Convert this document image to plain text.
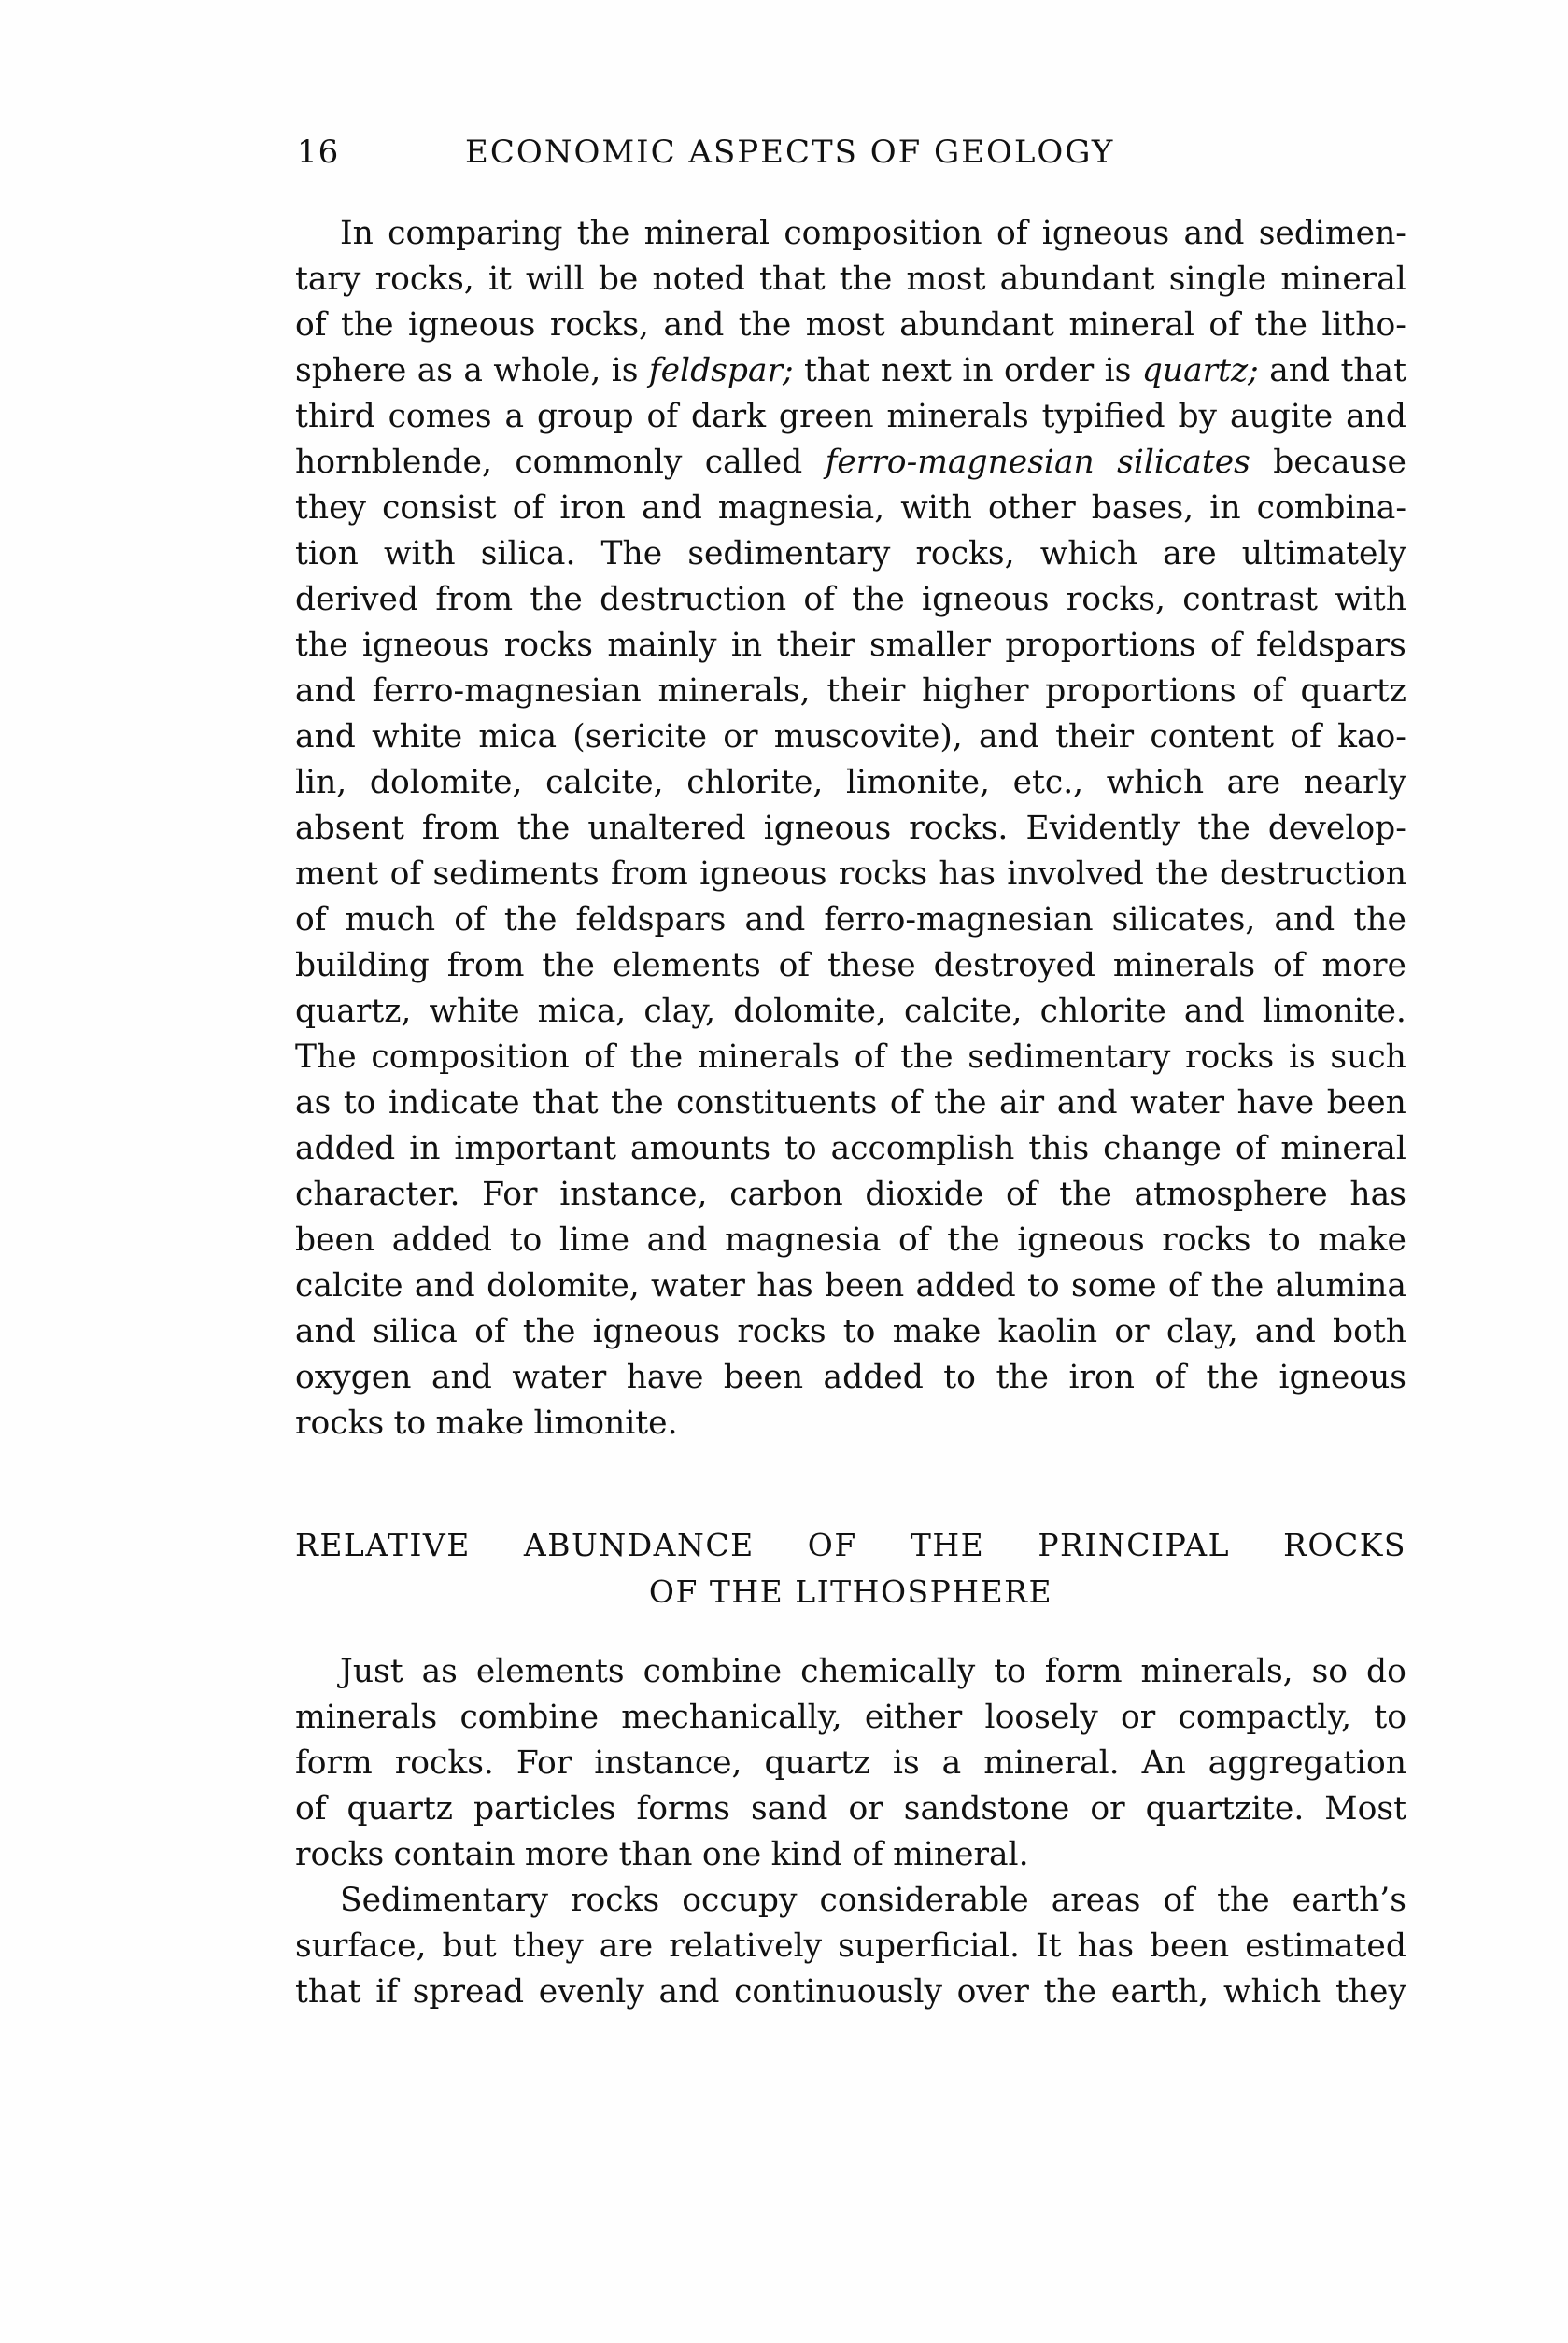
16	ECONOMIC ASPECTS OF GEOLOGY
In comparing the mineral composition of igneous and sedimen-
tary rocks, it will be noted that the most abundant single mineral
of the igneous rocks, and the most abundant mineral of the litho-
sphere as a whole, is feldspar; that next in order is quartz; and that
third comes a group of dark green minerals typified by augite and
hornblende, commonly called ferro-magnesian silicates because
they consist of iron and magnesia, with other bases, in combina-
tion with silica. The sedimentary rocks, which are ultimately
derived from the destruction of the igneous rocks, contrast with
the igneous rocks mainly in their smaller proportions of feldspars
and ferro-magnesian minerals, their higher proportions of quartz
and white mica (sericite or muscovite), and their content of kao-
lin, dolomite, calcite, chlorite, limonite, etc., which are nearly
absent from the unaltered igneous rocks. Evidently the develop-
ment of sediments from igneous rocks has involved the destruction
of much of the feldspars and ferro-magnesian silicates, and the
building from the elements of these destroyed minerals of more
quartz, white mica, clay, dolomite, calcite, chlorite and limonite.
The composition of the minerals of the sedimentary rocks is such
as to indicate that the constituents of the air and water have been
added in important amounts to accomplish this change of mineral
character. For instance, carbon dioxide of the atmosphere has
been added to lime and magnesia of the igneous rocks to make
calcite and dolomite, water has been added to some of the alumina
and silica of the igneous rocks to make kaolin or clay, and both
oxygen and water have been added to the iron of the igneous
rocks to make limonite.
RELATIVE ABUNDANCE OF THE PRINCIPAL ROCKS
OF THE LITHOSPHERE
Just as elements combine chemically to form minerals, so do
minerals combine mechanically, either loosely or compactly, to
form rocks. For instance, quartz is a mineral. An aggregation
of quartz particles forms sand or sandstone or quartzite. Most
rocks contain more than one kind of mineral.
Sedimentary rocks occupy considerable areas of the earth’s
surface, but they are relatively superficial. It has been estimated
that if spread evenly and continuously over the earth, which they
